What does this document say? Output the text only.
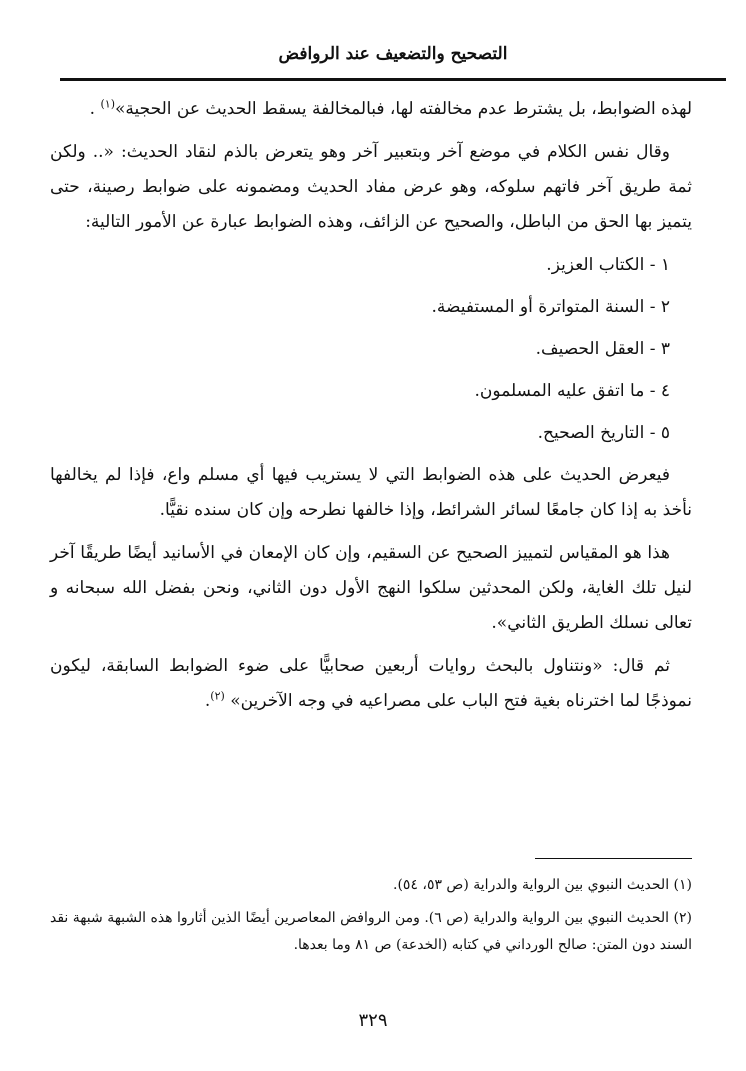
التصحيح والتضعيف عند الروافض

لهذه الضوابط، بل يشترط عدم مخالفته لها، فبالمخالفة يسقط الحديث عن الحجية»$^{(١)}$ .

وقال نفس الكلام في موضع آخر وبتعبير آخر وهو يتعرض بالذم لنقاد الحديث: «.. ولكن ثمة طريق آخر فاتهم سلوكه، وهو عرض مفاد الحديث ومضمونه على ضوابط رصينة، حتى يتميز بها الحق من الباطل، والصحيح عن الزائف، وهذه الضوابط عبارة عن الأمور التالية:

١ - الكتاب العزيز.
٢ - السنة المتواترة أو المستفيضة.
٣ - العقل الحصيف.
٤ - ما اتفق عليه المسلمون.
٥ - التاريخ الصحيح.

فيعرض الحديث على هذه الضوابط التي لا يستريب فيها أي مسلم واع، فإذا لم يخالفها نأخذ به إذا كان جامعًا لسائر الشرائط، وإذا خالفها نطرحه وإن كان سنده نقيًّا.

هذا هو المقياس لتمييز الصحيح عن السقيم، وإن كان الإمعان في الأسانيد أيضًا طريقًا آخر لنيل تلك الغاية، ولكن المحدثين سلكوا النهج الأول دون الثاني، ونحن بفضل الله سبحانه و تعالى نسلك الطريق الثاني».

ثم قال: «ونتناول بالبحث روايات أربعين صحابيًّا على ضوء الضوابط السابقة، ليكون نموذجًا لما اخترناه بغية فتح الباب على مصراعيه في وجه الآخرين» $^{(٢)}$.

(١) الحديث النبوي بين الرواية والدراية (ص ٥٣، ٥٤).

(٢) الحديث النبوي بين الرواية والدراية (ص ٦). ومن الروافض المعاصرين أيضًا الذين أثاروا هذه الشبهة شبهة نقد السند دون المتن: صالح الورداني في كتابه (الخدعة) ص ٨١ وما بعدها.

٣٢٩
